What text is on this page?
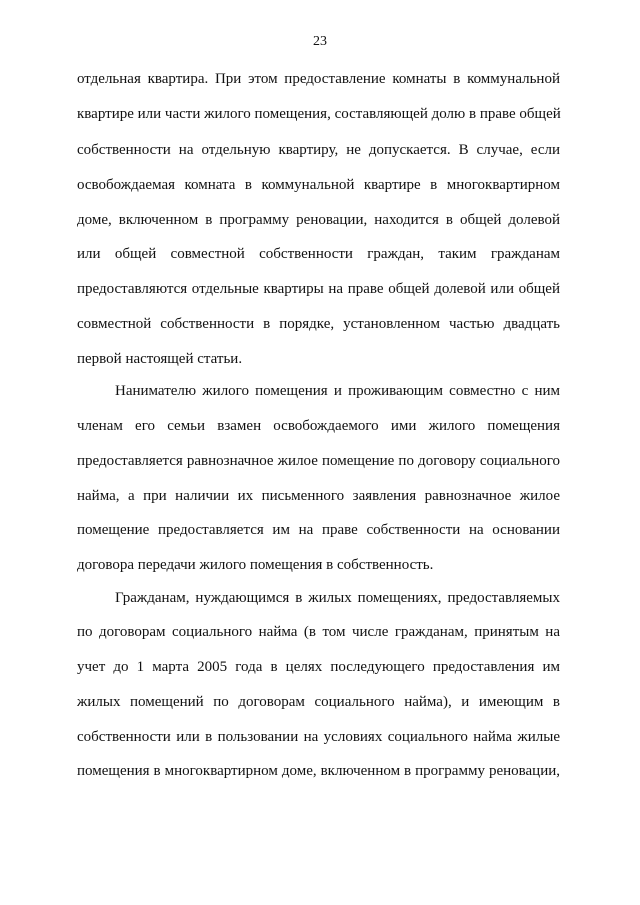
23
отдельная квартира. При этом предоставление комнаты в коммунальной
квартире или части жилого помещения, составляющей долю в праве общей
собственности на отдельную квартиру, не допускается. В случае, если
освобождаемая комната в коммунальной квартире в многоквартирном
доме, включенном в программу реновации, находится в общей долевой
или общей совместной собственности граждан, таким гражданам
предоставляются отдельные квартиры на праве общей долевой или общей
совместной собственности в порядке, установленном частью двадцать
первой настоящей статьи.
Нанимателю жилого помещения и проживающим совместно с ним
членам его семьи взамен освобождаемого ими жилого помещения
предоставляется равнозначное жилое помещение по договору социального
найма, а при наличии их письменного заявления равнозначное жилое
помещение предоставляется им на праве собственности на основании
договора передачи жилого помещения в собственность.
Гражданам, нуждающимся в жилых помещениях, предоставляемых
по договорам социального найма (в том числе гражданам, принятым на
учет до 1 марта 2005 года в целях последующего предоставления им
жилых помещений по договорам социального найма), и имеющим в
собственности или в пользовании на условиях социального найма жилые
помещения в многоквартирном доме, включенном в программу реновации,
